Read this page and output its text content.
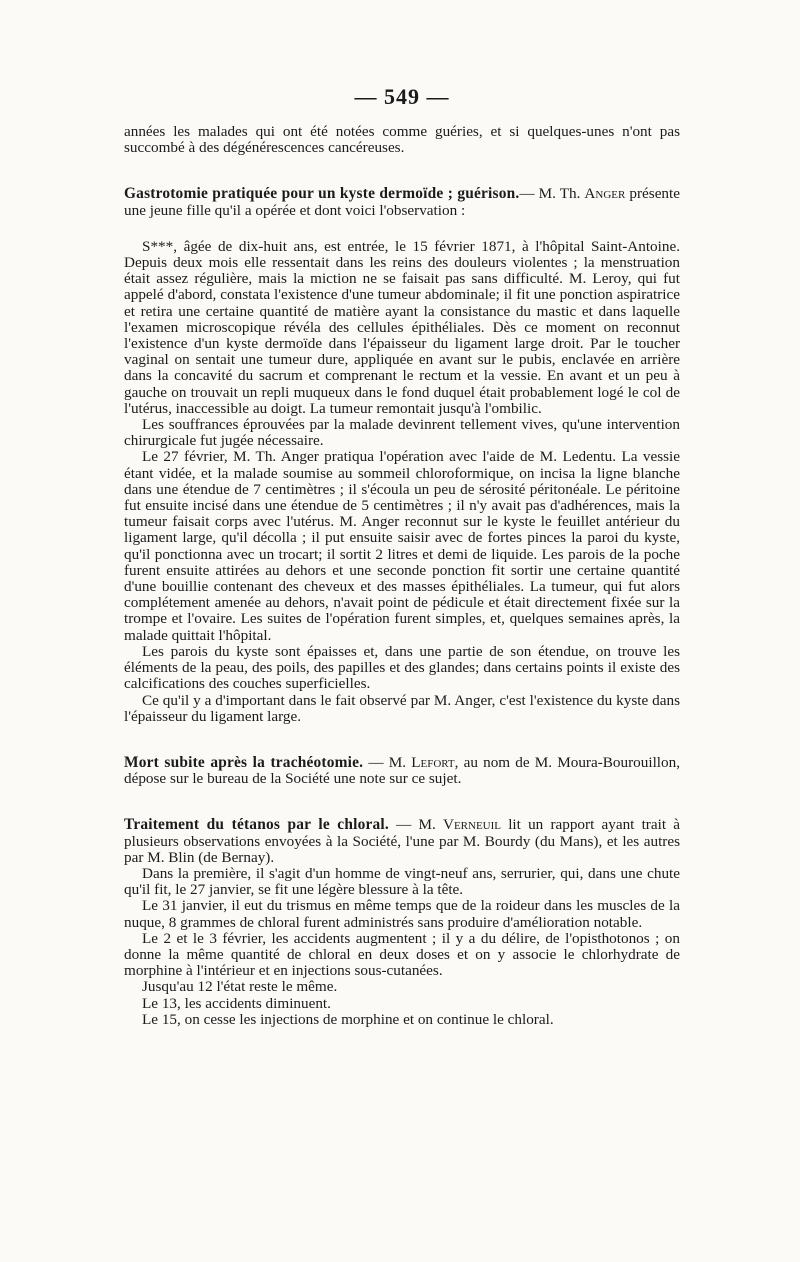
— 549 —

années les malades qui ont été notées comme guéries, et si quelques-unes n'ont pas succombé à des dégénérescences cancéreuses.

Gastrotomie pratiquée pour un kyste dermoïde ; guérison.— M. Th. Anger présente une jeune fille qu'il a opérée et dont voici l'observation :

S***, âgée de dix-huit ans, est entrée, le 15 février 1871, à l'hôpital Saint-Antoine. Depuis deux mois elle ressentait dans les reins des douleurs violentes ; la menstruation était assez régulière, mais la miction ne se faisait pas sans difficulté. M. Leroy, qui fut appelé d'abord, constata l'existence d'une tumeur abdominale; il fit une ponction aspiratrice et retira une certaine quantité de matière ayant la consistance du mastic et dans laquelle l'examen microscopique révéla des cellules épithéliales. Dès ce moment on reconnut l'existence d'un kyste dermoïde dans l'épaisseur du ligament large droit. Par le toucher vaginal on sentait une tumeur dure, appliquée en avant sur le pubis, enclavée en arrière dans la concavité du sacrum et comprenant le rectum et la vessie. En avant et un peu à gauche on trouvait un repli muqueux dans le fond duquel était probablement logé le col de l'utérus, inaccessible au doigt. La tumeur remontait jusqu'à l'ombilic.

Les souffrances éprouvées par la malade devinrent tellement vives, qu'une intervention chirurgicale fut jugée nécessaire.

Le 27 février, M. Th. Anger pratiqua l'opération avec l'aide de M. Ledentu. La vessie étant vidée, et la malade soumise au sommeil chloroformique, on incisa la ligne blanche dans une étendue de 7 centimètres ; il s'écoula un peu de sérosité péritonéale. Le péritoine fut ensuite incisé dans une étendue de 5 centimètres ; il n'y avait pas d'adhérences, mais la tumeur faisait corps avec l'utérus. M. Anger reconnut sur le kyste le feuillet antérieur du ligament large, qu'il décolla ; il put ensuite saisir avec de fortes pinces la paroi du kyste, qu'il ponctionna avec un trocart; il sortit 2 litres et demi de liquide. Les parois de la poche furent ensuite attirées au dehors et une seconde ponction fit sortir une certaine quantité d'une bouillie contenant des cheveux et des masses épithéliales. La tumeur, qui fut alors complétement amenée au dehors, n'avait point de pédicule et était directement fixée sur la trompe et l'ovaire. Les suites de l'opération furent simples, et, quelques semaines après, la malade quittait l'hôpital.

Les parois du kyste sont épaisses et, dans une partie de son étendue, on trouve les éléments de la peau, des poils, des papilles et des glandes; dans certains points il existe des calcifications des couches superficielles.

Ce qu'il y a d'important dans le fait observé par M. Anger, c'est l'existence du kyste dans l'épaisseur du ligament large.

Mort subite après la trachéotomie. — M. Lefort, au nom de M. Moura-Bourouillon, dépose sur le bureau de la Société une note sur ce sujet.

Traitement du tétanos par le chloral. — M. Verneuil lit un rapport ayant trait à plusieurs observations envoyées à la Société, l'une par M. Bourdy (du Mans), et les autres par M. Blin (de Bernay).

Dans la première, il s'agit d'un homme de vingt-neuf ans, serrurier, qui, dans une chute qu'il fit, le 27 janvier, se fit une légère blessure à la tête.

Le 31 janvier, il eut du trismus en même temps que de la roideur dans les muscles de la nuque, 8 grammes de chloral furent administrés sans produire d'amélioration notable.

Le 2 et le 3 février, les accidents augmentent ; il y a du délire, de l'opisthotonos ; on donne la même quantité de chloral en deux doses et on y associe le chlorhydrate de morphine à l'intérieur et en injections sous-cutanées.

Jusqu'au 12 l'état reste le même.

Le 13, les accidents diminuent.

Le 15, on cesse les injections de morphine et on continue le chloral.
